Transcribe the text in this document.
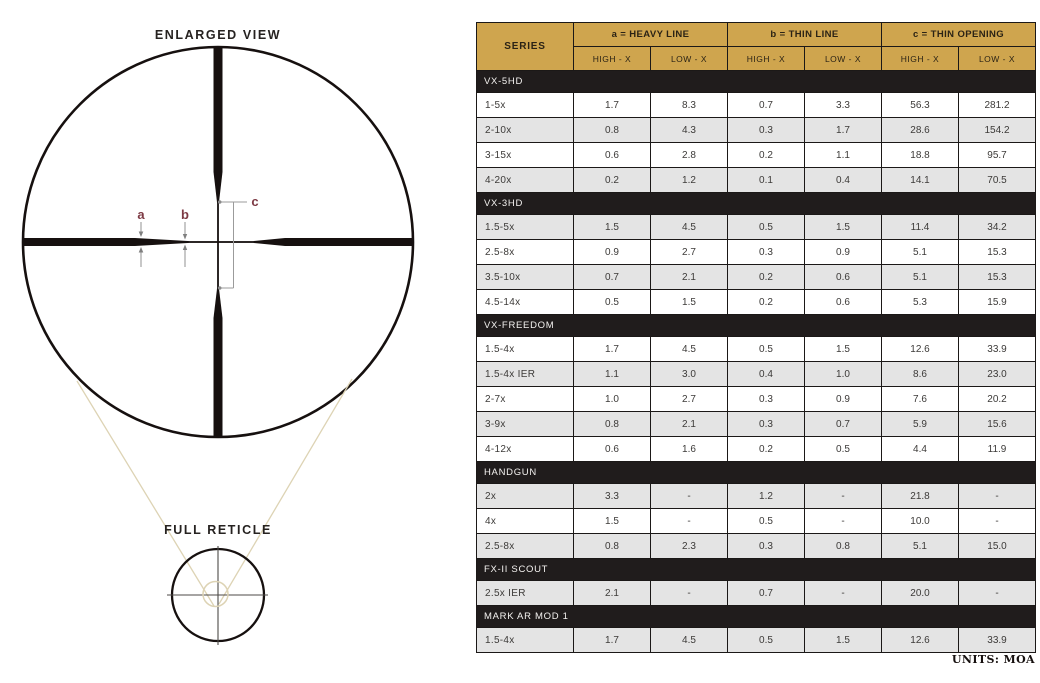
ENLARGED VIEW
a	b
c
FULL RETICLE
SERIES	a = HEAVY LINE		b = THIN LINE		c = THIN OPENING	
	HIGH - X	LOW - X	HIGH - X	LOW - X	HIGH - X	LOW - X
VX-5HD						
1-5x	1.7	8.3	0.7	3.3	56.3	281.2
2-10x	0.8	4.3	0.3	1.7	28.6	154.2
3-15x	0.6	2.8	0.2	1.1	18.8	95.7
4-20x	0.2	1.2	0.1	0.4	14.1	70.5
VX-3HD						
1.5-5x	1.5	4.5	0.5	1.5	11.4	34.2
2.5-8x	0.9	2.7	0.3	0.9	5.1	15.3
3.5-10x	0.7	2.1	0.2	0.6	5.1	15.3
4.5-14x	0.5	1.5	0.2	0.6	5.3	15.9
VX-FREEDOM						
1.5-4x	1.7	4.5	0.5	1.5	12.6	33.9
1.5-4x IER	1.1	3.0	0.4	1.0	8.6	23.0
2-7x	1.0	2.7	0.3	0.9	7.6	20.2
3-9x	0.8	2.1	0.3	0.7	5.9	15.6
4-12x	0.6	1.6	0.2	0.5	4.4	11.9
HANDGUN						
2x	3.3	-	1.2	-	21.8	-
4x	1.5	-	0.5	-	10.0	-
2.5-8x	0.8	2.3	0.3	0.8	5.1	15.0
FX-II SCOUT						
2.5x IER	2.1	-	0.7	-	20.0	-
MARK AR MOD 1						
1.5-4x	1.7	4.5	0.5	1.5	12.6	33.9
UNITS: MOA
